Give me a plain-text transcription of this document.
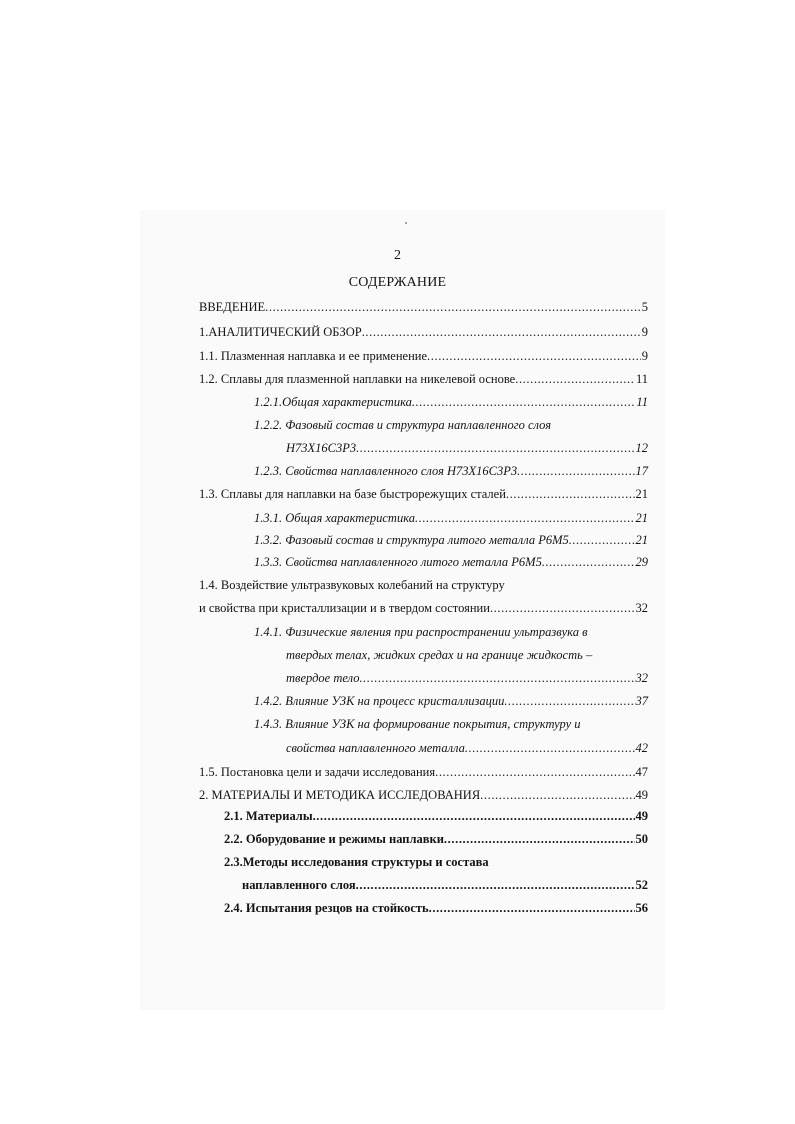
2
СОДЕРЖАНИЕ
ВВЕДЕНИЕ .....	5
1.АНАЛИТИЧЕСКИЙ ОБЗОР .....	9
1.1. Плазменная наплавка и ее применение .....	9
1.2. Сплавы для плазменной наплавки на никелевой основе .....	11
1.2.1.Общая характеристика .....	11
1.2.2. Фазовый состав и структура наплавленного слоя
Н73Х16С3Р3 .....	12
1.2.3. Свойства наплавленного слоя Н73Х16С3Р3 .....	17
1.3. Сплавы для наплавки на базе быстрорежущих сталей .....	21
1.3.1. Общая характеристика .....	21
1.3.2. Фазовый состав и структура литого металла Р6М5 .....	21
1.3.3. Свойства наплавленного литого металла Р6М5 .....	29
1.4. Воздействие ультразвуковых колебаний на структуру
и свойства при кристаллизации и в твердом состоянии .....	32
1.4.1. Физические явления при распространении ультразвука в
твердых телах, жидких средах и на границе жидкость –
твердое тело .....	32
1.4.2. Влияние УЗК на процесс кристаллизации .....	37
1.4.3. Влияние УЗК на формирование покрытия, структуру и
свойства наплавленного металла .....	42
1.5. Постановка цели и задачи исследования .....	47
2. МАТЕРИАЛЫ И МЕТОДИКА ИССЛЕДОВАНИЯ .....	49
2.1. Материалы .....	49
2.2. Оборудование и режимы наплавки .....	50
2.3.Методы исследования структуры и состава
наплавленного слоя .....	52
2.4. Испытания резцов на стойкость .....	56
